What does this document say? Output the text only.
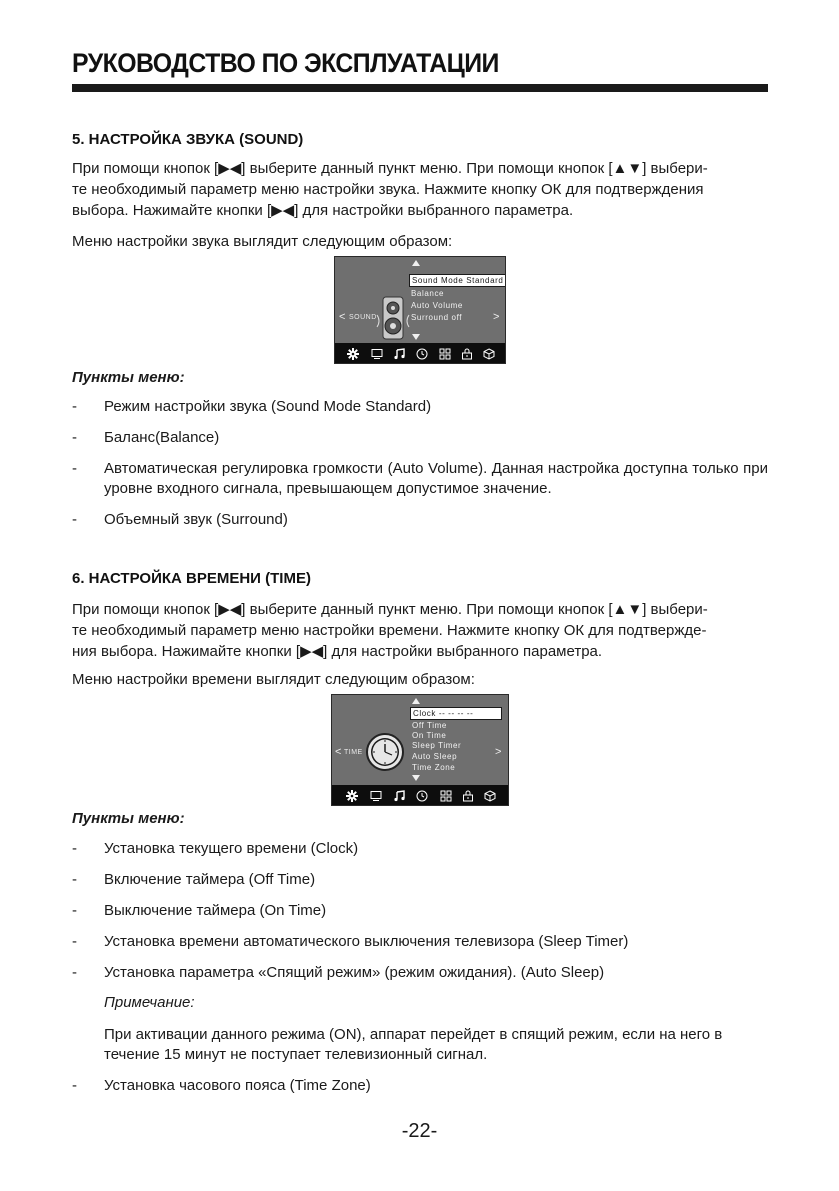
РУКОВОДСТВО ПО ЭКСПЛУАТАЦИИ
5. НАСТРОЙКА ЗВУКА (SOUND)

При помощи кнопок [▶◀] выберите данный пункт меню. При помощи кнопок [▲▼] выбери-

те необходимый параметр меню настройки звука. Нажмите кнопку ОК для подтверждения

выбора. Нажимайте кнопки [▶◀] для настройки выбранного параметра.

Меню настройки звука выглядит следующим образом:

< SOUND
Sound Mode Standard
Balance
Auto Volume
Surround off	>
Пункты меню:
- Режим настройки звука (Sound Mode Standard)
- Баланс(Balance)
- Автоматическая регулировка громкости (Auto Volume). Данная настройка доступна только при уровне входного сигнала, превышающем допустимое значение.
- Объемный звук (Surround)
6. НАСТРОЙКА ВРЕМЕНИ (TIME)

При помощи кнопок [▶◀] выберите данный пункт меню. При помощи кнопок [▲▼] выбери-

те необходимый параметр меню настройки времени. Нажмите кнопку ОК для подтвержде-

ния выбора. Нажимайте кнопки [▶◀] для настройки выбранного параметра.

Меню настройки времени выглядит следующим образом:

< TIME
Clock -- -- -- --
Off Time
On Time
Sleep Timer
Auto Sleep
Time Zone
>
Пункты меню:
- Установка текущего времени (Clock)
- Включение таймера (Off Time)
- Выключение таймера (On Time)
- Установка времени автоматического выключения телевизора (Sleep Timer)
- Установка параметра «Спящий режим» (режим ожидания). (Auto Sleep)
Примечание:
При активации данного режима (ON), аппарат перейдет в спящий режим, если на него в течение 15 минут не поступает телевизионный сигнал.
- Установка часового пояса (Time Zone)
-22-
